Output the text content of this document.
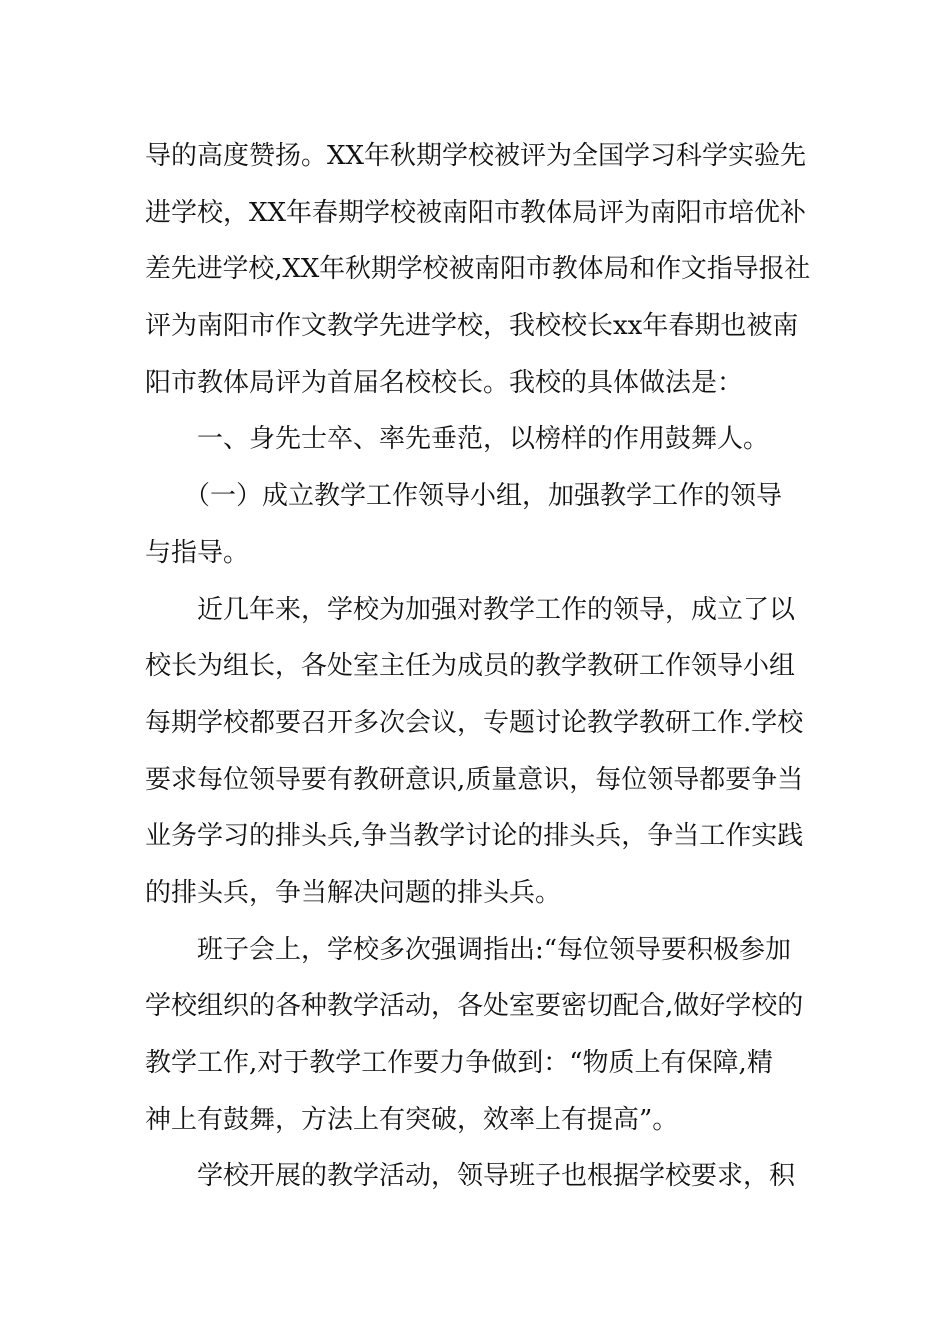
导的高度赞扬。XX年秋期学校被评为全国学习科学实验先
进学校，XX年春期学校被南阳市教体局评为南阳市培优补
差先进学校,XX年秋期学校被南阳市教体局和作文指导报社
评为南阳市作文教学先进学校，我校校长xx年春期也被南
阳市教体局评为首届名校校长。我校的具体做法是：
　　一、身先士卒、率先垂范，以榜样的作用鼓舞人。
　　（一）成立教学工作领导小组，加强教学工作的领导
与指导。
　　近几年来，学校为加强对教学工作的领导，成立了以
校长为组长，各处室主任为成员的教学教研工作领导小组
每期学校都要召开多次会议，专题讨论教学教研工作.学校
要求每位领导要有教研意识,质量意识，每位领导都要争当
业务学习的排头兵,争当教学讨论的排头兵，争当工作实践
的排头兵，争当解决问题的排头兵。
　　班子会上，学校多次强调指出:“每位领导要积极参加
学校组织的各种教学活动，各处室要密切配合,做好学校的
教学工作,对于教学工作要力争做到：“物质上有保障,精
神上有鼓舞，方法上有突破，效率上有提高”。
　　学校开展的教学活动，领导班子也根据学校要求，积
